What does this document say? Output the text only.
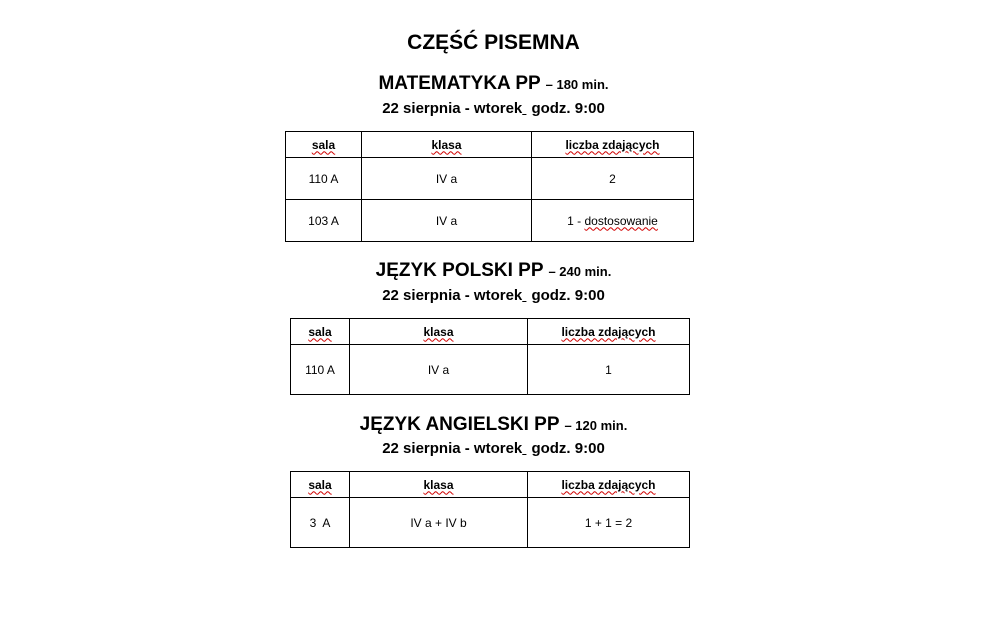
CZĘŚĆ PISEMNA
MATEMATYKA PP – 180 min.
22 sierpnia - wtorek godz. 9:00
sala	klasa	liczba zdających
110 A	IV a	2
103 A	IV a	1 - dostosowanie
JĘZYK POLSKI PP – 240 min.
22 sierpnia - wtorek godz. 9:00
sala	klasa	liczba zdających
110 A	IV a	1
JĘZYK ANGIELSKI PP – 120 min.
22 sierpnia - wtorek godz. 9:00
sala	klasa	liczba zdających
3  A	IV a + IV b	1 + 1 = 2
